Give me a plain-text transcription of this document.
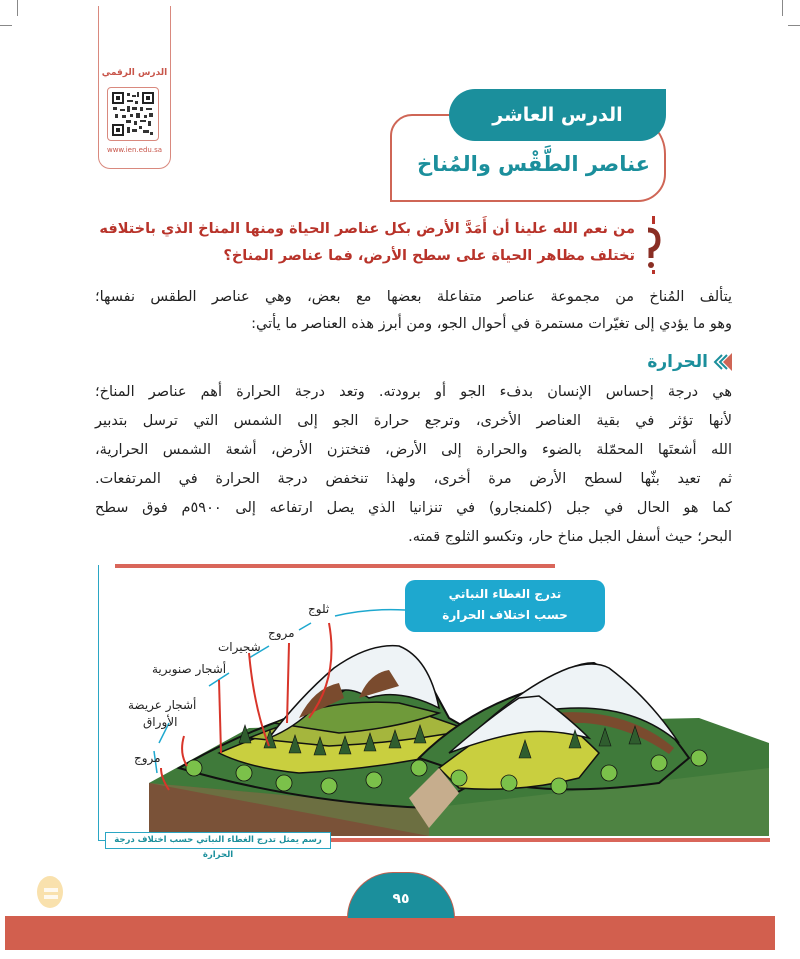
الدرس الرقمي
www.ien.edu.sa
الدرس العاشر
عناصر الطَّقْس والمُناخ
من نعم الله علينا أن أَمَدَّ الأرض بكل عناصر الحياة ومنها المناخ الذي باختلافه
تختلف مظاهر الحياة على سطح الأرض، فما عناصر المناخ؟
يتألف المُناخ من مجموعة عناصر متفاعلة بعضها مع بعض، وهي عناصر الطقس نفسها؛
وهو ما يؤدي إلى تغيّرات مستمرة في أحوال الجو، ومن أبرز هذه العناصر ما يأتي:
الحرارة
هي درجة إحساس الإنسان بدفء الجو أو برودته. وتعد درجة الحرارة أهم عناصر المناخ؛
لأنها تؤثر في بقية العناصر الأخرى، وترجع حرارة الجو إلى الشمس التي ترسل بتدبير
الله أشعتَها المحمّلة بالضوء والحرارة إلى الأرض، فتختزن الأرض، أشعة الشمس الحرارية،
ثم تعيد بثّها لسطح الأرض مرة أخرى، ولهذا تنخفض درجة الحرارة في المرتفعات.
كما هو الحال في جبل (كلمنجارو) في تنزانيا الذي يصل ارتفاعه إلى ٥٩٠٠م فوق سطح
البحر؛ حيث أسفل الجبل مناخ حار، وتكسو الثلوج قمته.
تدرج الغطاء النباتي
حسب اختلاف الحرارة
ثلوج
مروج
شجيرات
أشجار صنوبرية
أشجار عريضة
الأوراق
مروج
رسم يمثل تدرج الغطاء النباتي حسب اختلاف درجة الحرارة
٩٥
